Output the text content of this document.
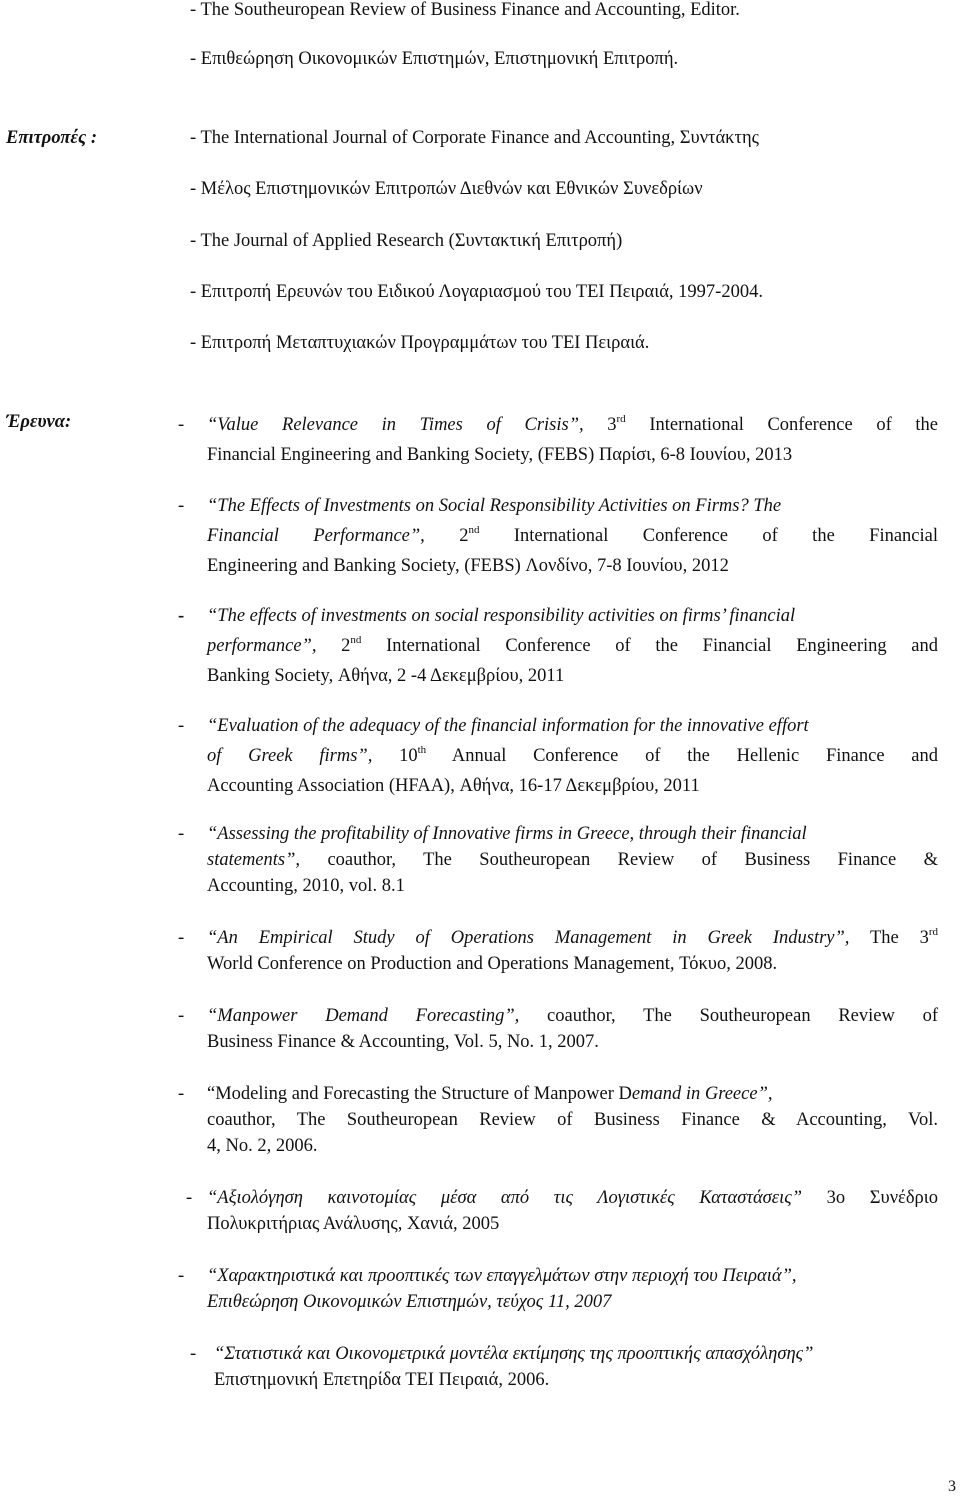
- The Southeuropean Review of Business Finance and Accounting, Editor.
- Επιθεώρηση Οικονομικών Επιστημών, Επιστημονική Επιτροπή.
Επιτροπές :	- The International Journal of Corporate Finance and Accounting, Συντάκτης
- Μέλος Επιστημονικών Επιτροπών Διεθνών και Εθνικών Συνεδρίων
- The Journal of Applied Research (Συντακτική Επιτροπή)
- Επιτροπή Ερευνών του Ειδικού Λογαριασμού του ΤΕΙ Πειραιά, 1997-2004.
- Επιτροπή Μεταπτυχιακών Προγραμμάτων του ΤΕΙ Πειραιά.
Έρευνα:	- “Value Relevance in Times of Crisis”, 3rd International Conference of the
Financial Engineering and Banking Society, (FEBS) Παρίσι, 6-8 Ιουνίου, 2013
- “The Effects of Investments on Social Responsibility Activities on Firms? The
Financial Performance”, 2nd International Conference of the Financial
Engineering and Banking Society, (FEBS) Λονδίνο, 7-8 Ιουνίου, 2012
- “The effects of investments on social responsibility activities on firms’ financial
performance”, 2nd International Conference of the Financial Engineering and
Banking Society, Αθήνα, 2 -4 Δεκεμβρίου, 2011
- “Evaluation of the adequacy of the financial information for the innovative effort
of Greek firms”, 10th Annual Conference of the Hellenic Finance and
Accounting Association (HFAA), Αθήνα, 16-17 Δεκεμβρίου, 2011
- “Assessing the profitability of Innovative firms in Greece, through their financial
statements”, coauthor, The Southeuropean Review of Business Finance &
Accounting, 2010, vol. 8.1
- “An Empirical Study of Operations Management in Greek Industry”, The 3rd
World Conference on Production and Operations Management, Τόκυο, 2008.
- “Manpower Demand Forecasting”, coauthor, The Southeuropean Review of
Business Finance & Accounting, Vol. 5, No. 1, 2007.
- “Modeling and Forecasting the Structure of Manpower Demand in Greece”,
coauthor, The Southeuropean Review of Business Finance & Accounting, Vol.
4, No. 2, 2006.
- “Αξιολόγηση καινοτομίας μέσα από τις Λογιστικές Καταστάσεις” 3ο Συνέδριο
Πολυκριτήριας Ανάλυσης, Χανιά, 2005
- “Χαρακτηριστικά και προοπτικές των επαγγελμάτων στην περιοχή του Πειραιά”,
Επιθεώρηση Οικονομικών Επιστημών, τεύχος 11, 2007
- “Στατιστικά και Οικονομετρικά μοντέλα εκτίμησης της προοπτικής απασχόλησης”
Επιστημονική Επετηρίδα ΤΕΙ Πειραιά, 2006.
3
